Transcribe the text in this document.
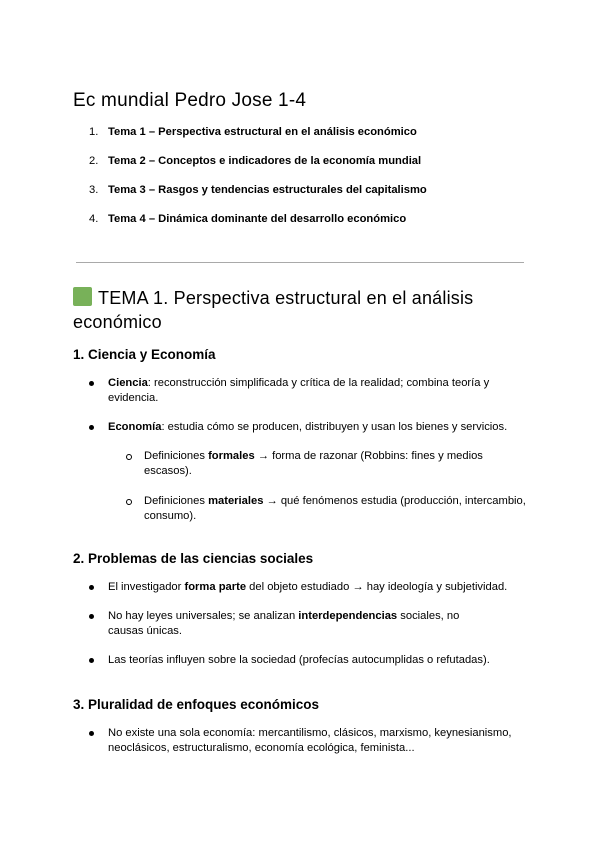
Ec mundial Pedro Jose 1-4
1. Tema 1 – Perspectiva estructural en el análisis económico
2. Tema 2 – Conceptos e indicadores de la economía mundial
3. Tema 3 – Rasgos y tendencias estructurales del capitalismo
4. Tema 4 – Dinámica dominante del desarrollo económico
TEMA 1. Perspectiva estructural en el análisis económico
1. Ciencia y Economía
Ciencia: reconstrucción simplificada y crítica de la realidad; combina teoría y evidencia.
Economía: estudia cómo se producen, distribuyen y usan los bienes y servicios.
Definiciones formales → forma de razonar (Robbins: fines y medios escasos).
Definiciones materiales → qué fenómenos estudia (producción, intercambio, consumo).
2. Problemas de las ciencias sociales
El investigador forma parte del objeto estudiado → hay ideología y subjetividad.
No hay leyes universales; se analizan interdependencias sociales, no causas únicas.
Las teorías influyen sobre la sociedad (profecías autocumplidas o refutadas).
3. Pluralidad de enfoques económicos
No existe una sola economía: mercantilismo, clásicos, marxismo, keynesianismo, neoclásicos, estructuralismo, economía ecológica, feminista...
